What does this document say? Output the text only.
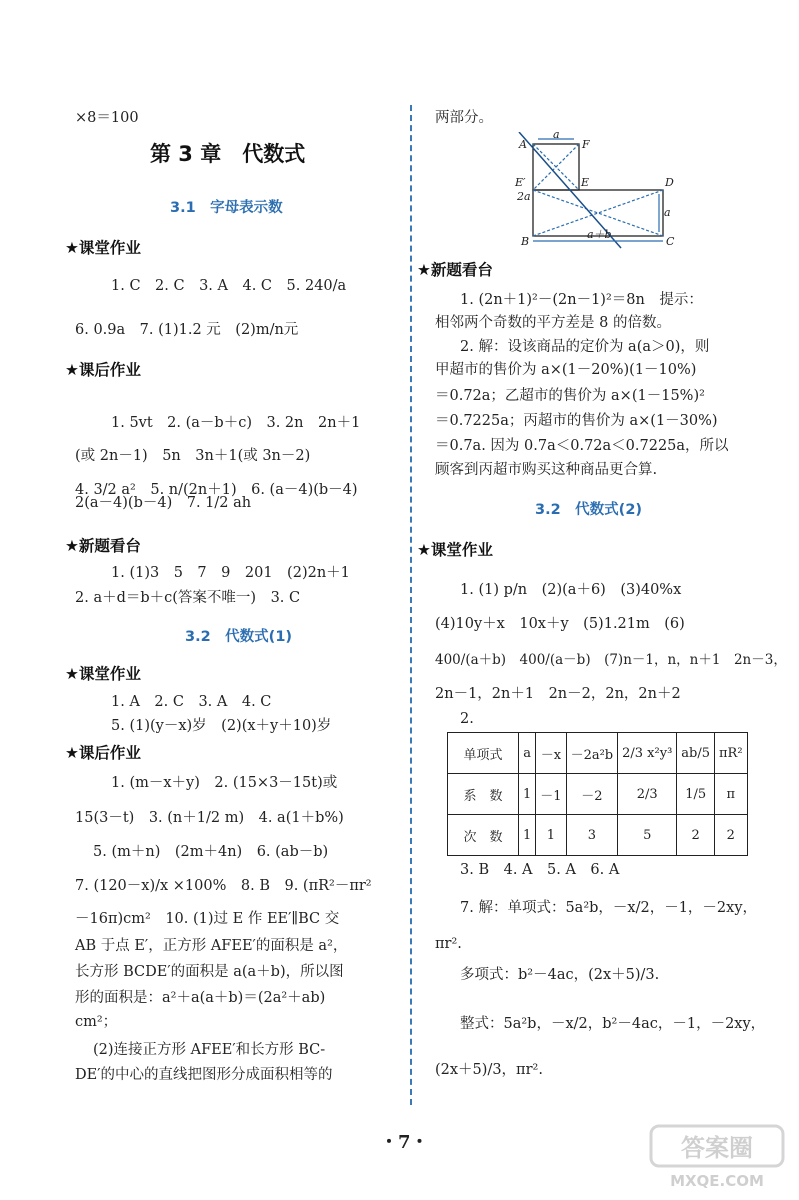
×8＝100
第 3 章　代数式
3.1　字母表示数
★课堂作业
1. C　2. C　3. A　4. C　5. 240/a
6. 0.9a　7. (1)1.2 元　(2)m/n元
★课后作业
1. 5vt　2. (a－b＋c)　3. 2n　2n＋1
(或 2n－1)　5n　3n＋1(或 3n－2)
4. 3/2 a²　5. n/(2n＋1)　6. (a－4)(b－4)
2(a－4)(b－4)　7. 1/2 ah
★新题看台
1. (1)3　5　7　9　201　(2)2n＋1
2. a＋d＝b＋c(答案不唯一)　3. C
3.2　代数式(1)
★课堂作业
1. A　2. C　3. A　4. C
5. (1)(y－x)岁　(2)(x＋y＋10)岁
★课后作业
1. (m－x＋y)　2. (15×3－15t)或
15(3－t)　3. (n＋1/2 m)　4. a(1＋b%)
5. (m＋n)　(2m＋4n)　6. (ab－b)
7. (120－x)/x ×100%　8. B　9. (πR²－πr²
－16π)cm²　10. (1)过 E 作 EE′∥BC 交
AB 于点 E′，正方形 AFEE′的面积是 a²，
长方形 BCDE′的面积是 a(a＋b)，所以图
形的面积是：a²＋a(a＋b)＝(2a²＋ab)
cm²；
(2)连接正方形 AFEE′和长方形 BC-
DE′的中心的直线把图形分成面积相等的
两部分。
A	F
E′	E	D
B	C
a
2a
a
a＋b
★新题看台
1. (2n＋1)²－(2n－1)²＝8n　提示：
相邻两个奇数的平方差是 8 的倍数。
2. 解：设该商品的定价为 a(a＞0)，则
甲超市的售价为 a×(1－20%)(1－10%)
＝0.72a；乙超市的售价为 a×(1－15%)²
＝0.7225a；丙超市的售价为 a×(1－30%)
＝0.7a. 因为 0.7a＜0.72a＜0.7225a，所以
顾客到丙超市购买这种商品更合算.
3.2　代数式(2)
★课堂作业
1. (1) p/n　(2)(a＋6)　(3)40%x
(4)10y＋x　10x＋y　(5)1.21m　(6)
400/(a＋b)　400/(a－b)　(7)n－1，n，n＋1　2n－3，
2n－1，2n＋1　2n－2，2n，2n＋2
2.
单项式	a	－x	－2a²b	2/3 x²y³	ab/5	πR²
系　数	1	－1	－2	2/3	1/5	π
次　数	1	1	3	5	2	2
3. B　4. A　5. A　6. A
7. 解：单项式：5a²b，－x/2，－1，－2xy，
πr².
多项式：b²－4ac，(2x＋5)/3.
整式：5a²b，－x/2，b²－4ac，－1，－2xy，
(2x＋5)/3，πr².
・7・	答案圈
MXQE.COM
